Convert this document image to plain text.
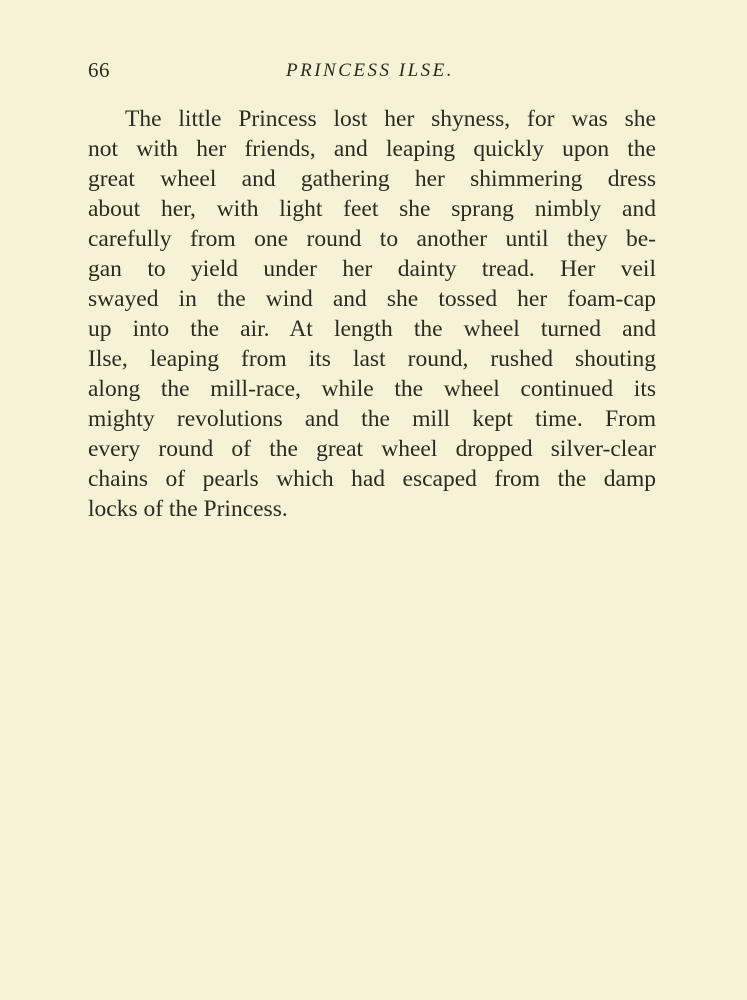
66	PRINCESS ILSE.
The little Princess lost her shyness, for was she
not with her friends, and leaping quickly upon the
great wheel and gathering her shimmering dress
about her, with light feet she sprang nimbly and
carefully from one round to another until they be-
gan to yield under her dainty tread. Her veil
swayed in the wind and she tossed her foam-cap
up into the air. At length the wheel turned and
Ilse, leaping from its last round, rushed shouting
along the mill-race, while the wheel continued its
mighty revolutions and the mill kept time. From
every round of the great wheel dropped silver-clear
chains of pearls which had escaped from the damp
locks of the Princess.
